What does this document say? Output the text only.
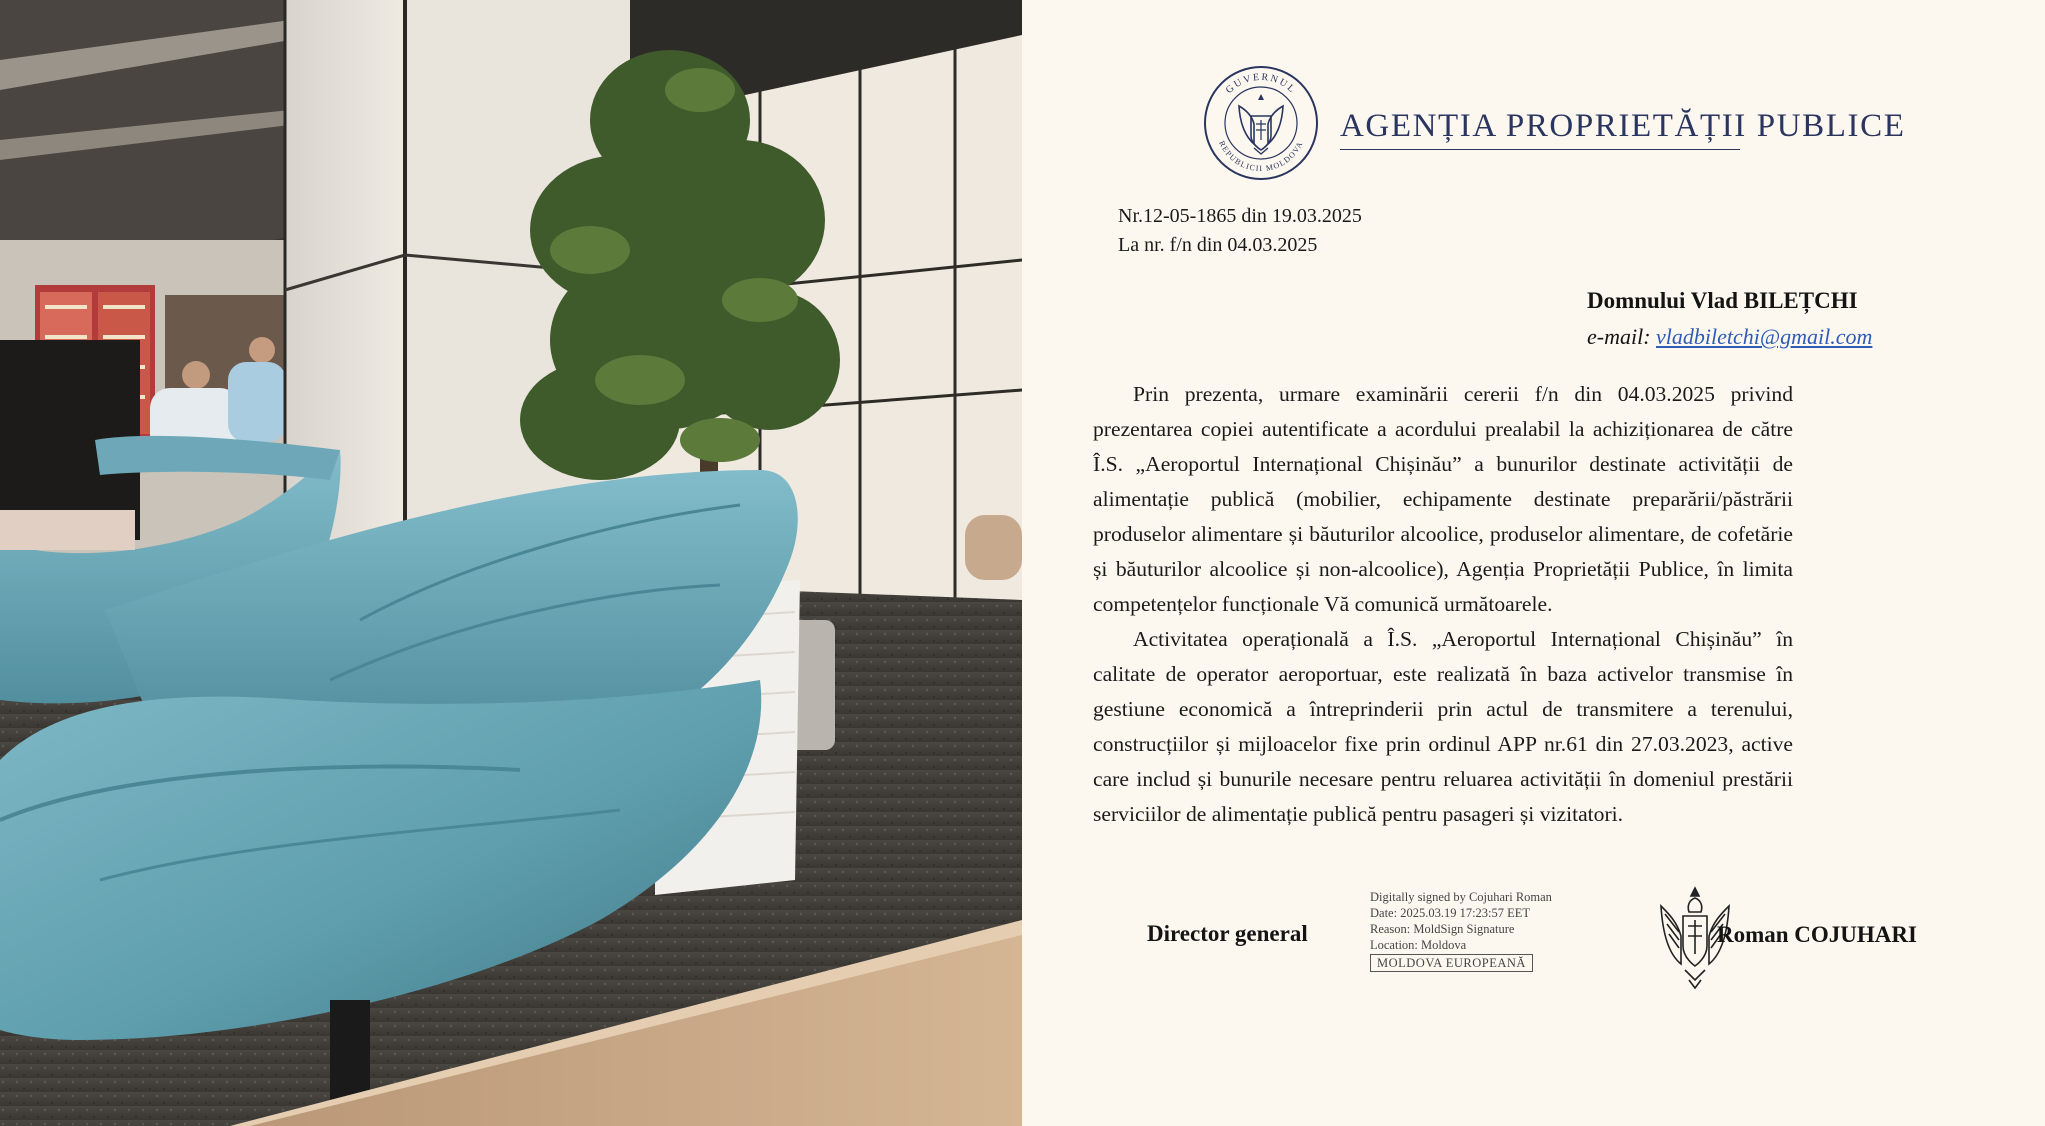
GUVERNUL
REPUBLICII MOLDOVA
AGENȚIA PROPRIETĂȚII PUBLICE
Nr.12-05-1865 din 19.03.2025
La nr. f/n din 04.03.2025
Domnului Vlad BILEȚCHI
e-mail: vladbiletchi@gmail.com
Prin prezenta, urmare examinării cererii f/n din 04.03.2025 privind prezentarea copiei autentificate a acordului prealabil la achiziționarea de către Î.S. „Aeroportul Internațional Chișinău” a bunurilor destinate activității de alimentație publică (mobilier, echipamente destinate preparării/păstrării produselor alimentare și băuturilor alcoolice, produselor alimentare, de cofetărie și băuturilor alcoolice și non-alcoolice), Agenția Proprietății Publice, în limita competențelor funcționale Vă comunică următoarele.
Activitatea operațională a Î.S. „Aeroportul Internațional Chișinău” în calitate de operator aeroportuar, este realizată în baza activelor transmise în gestiune economică a întreprinderii prin actul de transmitere a terenului, construcțiilor și mijloacelor fixe prin ordinul APP nr.61 din 27.03.2023, active care includ și bunurile necesare pentru reluarea activității în domeniul prestării serviciilor de alimentație publică pentru pasageri și vizitatori.
Director general
Digitally signed by Cojuhari Roman
Date: 2025.03.19 17:23:57 EET
Reason: MoldSign Signature
Location: Moldova
MOLDOVA EUROPEANĂ
Roman COJUHARI
